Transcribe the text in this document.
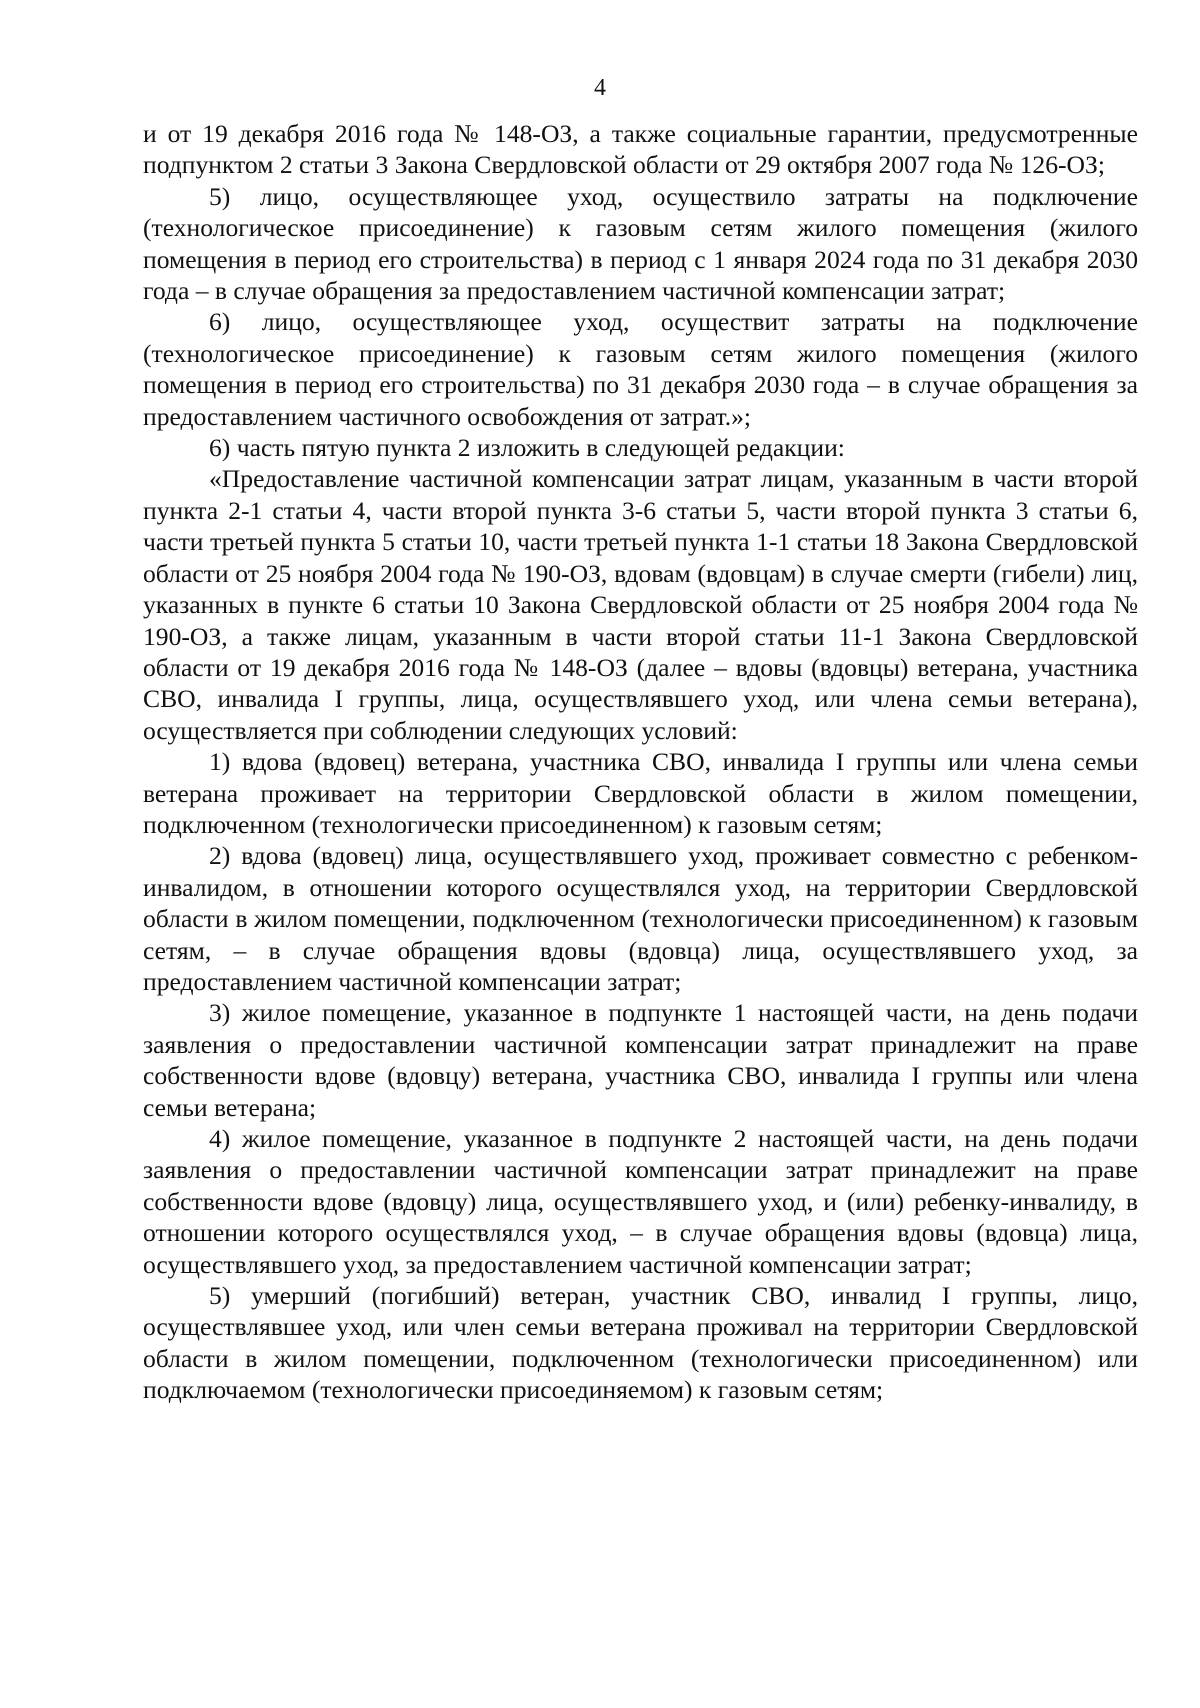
4

и от 19 декабря 2016 года № 148-ОЗ, а также социальные гарантии, предусмотренные подпунктом 2 статьи 3 Закона Свердловской области от 29 октября 2007 года № 126-ОЗ;

5) лицо, осуществляющее уход, осуществило затраты на подключение (технологическое присоединение) к газовым сетям жилого помещения (жилого помещения в период его строительства) в период с 1 января 2024 года по 31 декабря 2030 года – в случае обращения за предоставлением частичной компенсации затрат;

6) лицо, осуществляющее уход, осуществит затраты на подключение (технологическое присоединение) к газовым сетям жилого помещения (жилого помещения в период его строительства) по 31 декабря 2030 года – в случае обращения за предоставлением частичного освобождения от затрат.»;

6) часть пятую пункта 2 изложить в следующей редакции:

«Предоставление частичной компенсации затрат лицам, указанным в части второй пункта 2-1 статьи 4, части второй пункта 3-6 статьи 5, части второй пункта 3 статьи 6, части третьей пункта 5 статьи 10, части третьей пункта 1-1 статьи 18 Закона Свердловской области от 25 ноября 2004 года № 190-ОЗ, вдовам (вдовцам) в случае смерти (гибели) лиц, указанных в пункте 6 статьи 10 Закона Свердловской области от 25 ноября 2004 года № 190-ОЗ, а также лицам, указанным в части второй статьи 11-1 Закона Свердловской области от 19 декабря 2016 года № 148-ОЗ (далее – вдовы (вдовцы) ветерана, участника СВО, инвалида I группы, лица, осуществлявшего уход, или члена семьи ветерана), осуществляется при соблюдении следующих условий:

1) вдова (вдовец) ветерана, участника СВО, инвалида I группы или члена семьи ветерана проживает на территории Свердловской области в жилом помещении, подключенном (технологически присоединенном) к газовым сетям;

2) вдова (вдовец) лица, осуществлявшего уход, проживает совместно с ребенком-инвалидом, в отношении которого осуществлялся уход, на территории Свердловской области в жилом помещении, подключенном (технологически присоединенном) к газовым сетям, – в случае обращения вдовы (вдовца) лица, осуществлявшего уход, за предоставлением частичной компенсации затрат;

3) жилое помещение, указанное в подпункте 1 настоящей части, на день подачи заявления о предоставлении частичной компенсации затрат принадлежит на праве собственности вдове (вдовцу) ветерана, участника СВО, инвалида I группы или члена семьи ветерана;

4) жилое помещение, указанное в подпункте 2 настоящей части, на день подачи заявления о предоставлении частичной компенсации затрат принадлежит на праве собственности вдове (вдовцу) лица, осуществлявшего уход, и (или) ребенку-инвалиду, в отношении которого осуществлялся уход, – в случае обращения вдовы (вдовца) лица, осуществлявшего уход, за предоставлением частичной компенсации затрат;

5) умерший (погибший) ветеран, участник СВО, инвалид I группы, лицо, осуществлявшее уход, или член семьи ветерана проживал на территории Свердловской области в жилом помещении, подключенном (технологически присоединенном) или подключаемом (технологически присоединяемом) к газовым сетям;
